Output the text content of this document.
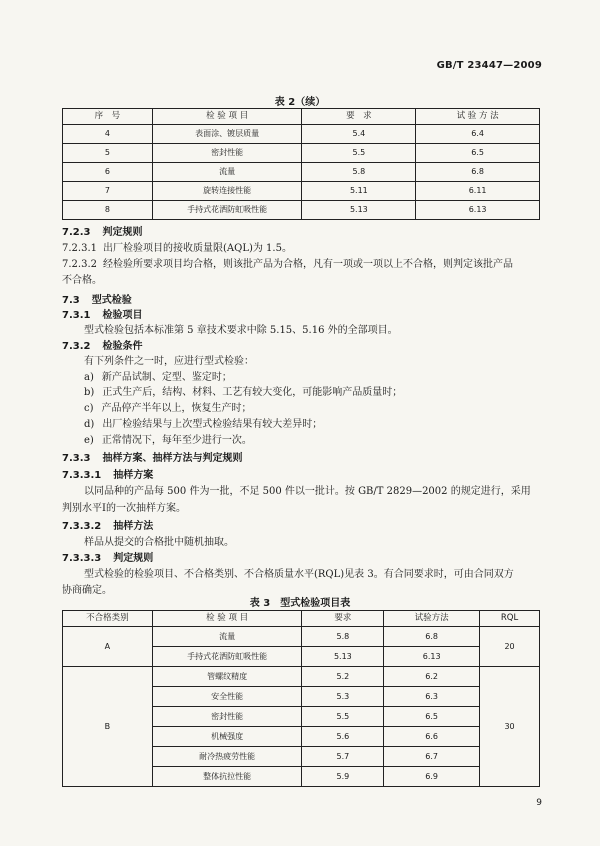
GB/T 23447—2009
表 2（续）
序　号	检 验 项 目	要　求	试 验 方 法
4	表面涂、镀层质量	5.4	6.4
5	密封性能	5.5	6.5
6	流量	5.8	6.8
7	旋转连接性能	5.11	6.11
8	手持式花洒防虹吸性能	5.13	6.13
7.2.3 判定规则
7.2.3.1 出厂检验项目的接收质量限(AQL)为 1.5。
7.2.3.2 经检验所要求项目均合格，则该批产品为合格，凡有一项或一项以上不合格，则判定该批产品
不合格。
7.3 型式检验
7.3.1 检验项目
型式检验包括本标准第 5 章技术要求中除 5.15、5.16 外的全部项目。
7.3.2 检验条件
有下列条件之一时，应进行型式检验：
a) 新产品试制、定型、鉴定时；
b) 正式生产后，结构、材料、工艺有较大变化，可能影响产品质量时；
c) 产品停产半年以上，恢复生产时；
d) 出厂检验结果与上次型式检验结果有较大差异时；
e) 正常情况下，每年至少进行一次。
7.3.3 抽样方案、抽样方法与判定规则
7.3.3.1 抽样方案
以同品种的产品每 500 件为一批，不足 500 件以一批计。按 GB/T 2829—2002 的规定进行，采用
判别水平Ⅰ的一次抽样方案。
7.3.3.2 抽样方法
样品从提交的合格批中随机抽取。
7.3.3.3 判定规则
型式检验的检验项目、不合格类别、不合格质量水平(RQL)见表 3。有合同要求时，可由合同双方
协商确定。
表 3　型式检验项目表
不合格类别	检 验 项 目	要求	试验方法	RQL
A	流量	5.8	6.8	20
	手持式花洒防虹吸性能	5.13	6.13	
B	管螺纹精度	5.2	6.2	30
	安全性能	5.3	6.3	
	密封性能	5.5	6.5	
	机械强度	5.6	6.6	
	耐冷热疲劳性能	5.7	6.7	
	整体抗拉性能	5.9	6.9	
9
